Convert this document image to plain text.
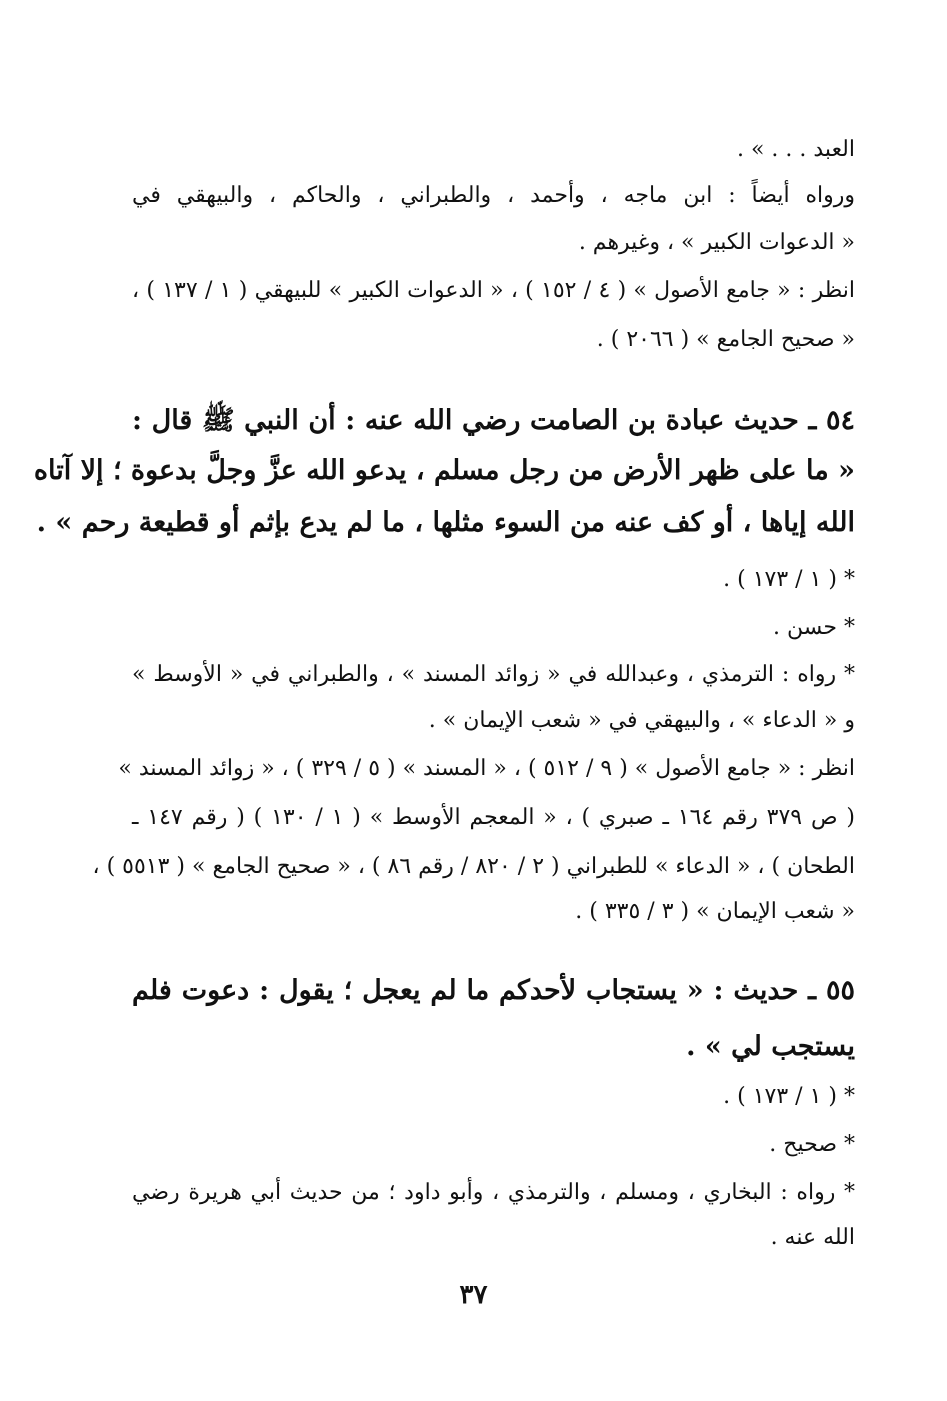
العبد . . . » .
ورواه أيضاً : ابن ماجه ، وأحمد ، والطبراني ، والحاكم ، والبيهقي في
« الدعوات الكبير » ، وغيرهم .
انظر : « جامع الأصول » ( ٤ / ١٥٢ ) ، « الدعوات الكبير » للبيهقي ( ١ / ١٣٧ ) ،
« صحيح الجامع » ( ٢٠٦٦ ) .
٥٤ ـ حديث عبادة بن الصامت رضي الله عنه : أن النبي ﷺ قال :
« ما على ظهر الأرض من رجل مسلم ، يدعو الله عزَّ وجلَّ بدعوة ؛ إلا آتاه
الله إياها ، أو كف عنه من السوء مثلها ، ما لم يدع بإثم أو قطيعة رحم » .
* ( ١ / ١٧٣ ) .
* حسن .
* رواه : الترمذي ، وعبدالله في « زوائد المسند » ، والطبراني في « الأوسط »
و « الدعاء » ، والبيهقي في « شعب الإيمان » .
انظر : « جامع الأصول » ( ٩ / ٥١٢ ) ، « المسند » ( ٥ / ٣٢٩ ) ، « زوائد المسند »
( ص ٣٧٩ رقم ١٦٤ ـ صبري ) ، « المعجم الأوسط » ( ١ / ١٣٠ ) ( رقم ١٤٧ ـ
الطحان ) ، « الدعاء » للطبراني ( ٢ / ٨٢٠ / رقم ٨٦ ) ، « صحيح الجامع » ( ٥٥١٣ ) ،
« شعب الإيمان » ( ٣ / ٣٣٥ ) .
٥٥ ـ حديث : « يستجاب لأحدكم ما لم يعجل ؛ يقول : دعوت فلم
يستجب لي » .
* ( ١ / ١٧٣ ) .
* صحيح .
* رواه : البخاري ، ومسلم ، والترمذي ، وأبو داود ؛ من حديث أبي هريرة رضي
الله عنه .
٣٧
